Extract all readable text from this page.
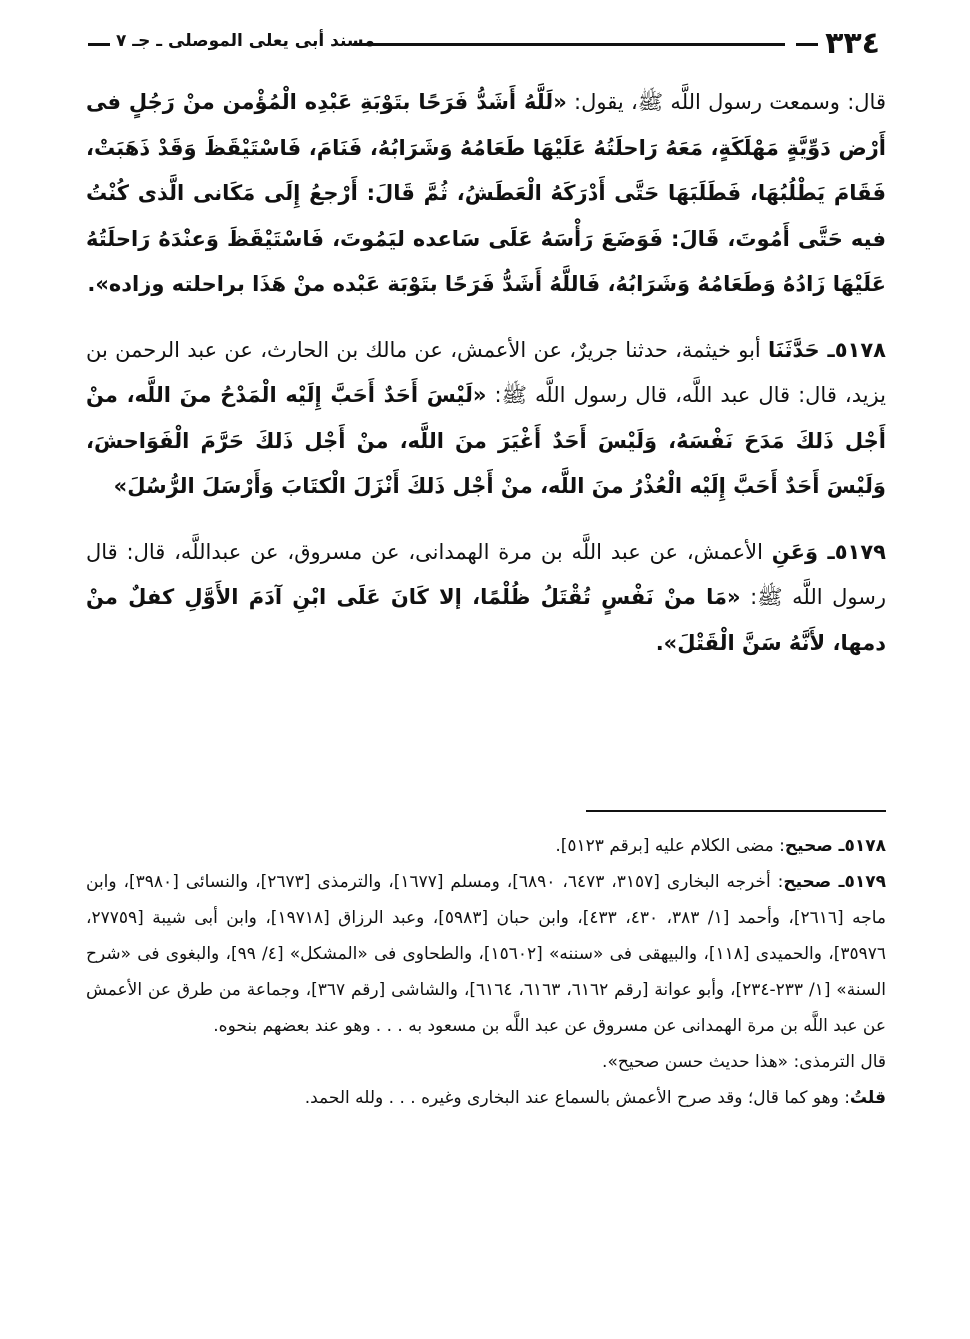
٣٣٤
مسند أبى يعلى الموصلى ـ جـ ٧

قال: وسمعت رسول اللَّه ﷺ، يقول: «لَلَّهُ أَشَدُّ فَرَحًا بتَوْبَةِ عَبْدِه الْمُؤْمن منْ رَجُلٍ فى أَرْض دَوِّيَّةٍ مَهْلَكَةٍ، مَعَهُ رَاحلَتُهُ عَلَيْهَا طَعَامُهُ وَشَرَابُهُ، فَنَامَ، فَاسْتَيْقَظَ وَقَدْ ذَهَبَتْ، فَقَامَ يَطْلُبُهَا، فَطَلَبَهَا حَتَّى أَدْرَكَهُ الْعَطَشُ، ثُمَّ قَالَ: أَرْجعُ إِلَى مَكَانى الَّذى كُنْتُ فيه حَتَّى أَمُوتَ، قَالَ: فَوَضَعَ رَأْسَهُ عَلَى سَاعده ليَمُوتَ، فَاسْتَيْقَظَ وَعنْدَهُ رَاحلَتُهُ عَلَيْهَا زَادُهُ وَطَعَامُهُ وَشَرَابُهُ، فَاللَّهُ أَشَدُّ فَرَحًا بتَوْبَة عَبْده منْ هَذَا براحلته وزاده».

٥١٧٨ـ حَدَّثَنَا أبو خيثمة، حدثنا جريرٌ، عن الأعمش، عن مالك بن الحارث، عن عبد الرحمن بن يزيد، قال: قال عبد اللَّه، قال رسول اللَّه ﷺ: «لَيْسَ أَحَدٌ أَحَبَّ إِلَيْه الْمَدْحُ منَ اللَّه، منْ أَجْل ذَلكَ مَدَحَ نَفْسَهُ، وَلَيْسَ أَحَدٌ أَغْيَرَ منَ اللَّه، منْ أَجْل ذَلكَ حَرَّمَ الْفَوَاحشَ، وَلَيْسَ أَحَدٌ أَحَبَّ إِلَيْه الْعُذْرُ منَ اللَّه، منْ أَجْل ذَلكَ أَنْزَلَ الْكتَابَ وَأَرْسَلَ الرُّسُلَ»

٥١٧٩ـ وَعَنِ الأعمش، عن عبد اللَّه بن مرة الهمدانى، عن مسروق، عن عبداللَّه، قال: قال رسول اللَّه ﷺ: «مَا منْ نَفْسٍ تُقْتَلُ ظُلْمًا، إلا كَانَ عَلَى ابْنِ آدَمَ الأَوَّلِ كفلٌ منْ دمها، لأَنَّهُ سَنَّ الْقَتْلَ».

٥١٧٨ـ صحيح: مضى الكلام عليه [برقم ٥١٢٣].

٥١٧٩ـ صحيح: أخرجه البخارى [٣١٥٧، ٦٤٧٣، ٦٨٩٠]، ومسلم [١٦٧٧]، والترمذى [٢٦٧٣]، والنسائى [٣٩٨٠]، وابن ماجه [٢٦١٦]، وأحمد [١/ ٣٨٣، ٤٣٠، ٤٣٣]، وابن حبان [٥٩٨٣]، وعبد الرزاق [١٩٧١٨]، وابن أبى شيبة [٢٧٧٥٩، ٣٥٩٧٦]، والحميدى [١١٨]، والبيهقى فى «سننه» [١٥٦٠٢]، والطحاوى فى «المشكل» [٤/ ٩٩]، والبغوى فى «شرح السنة» [١/ ٢٣٣-٢٣٤]، وأبو عوانة [رقم ٦١٦٢، ٦١٦٣، ٦١٦٤]، والشاشى [رقم ٣٦٧]، وجماعة من طرق عن الأعمش عن عبد اللَّه بن مرة الهمدانى عن مسروق عن عبد اللَّه بن مسعود به . . . وهو عند بعضهم بنحوه.

قال الترمذى: «هذا حديث حسن صحيح».

قلتُ: وهو كما قال؛ وقد صرح الأعمش بالسماع عند البخارى وغيره . . . ولله الحمد.
